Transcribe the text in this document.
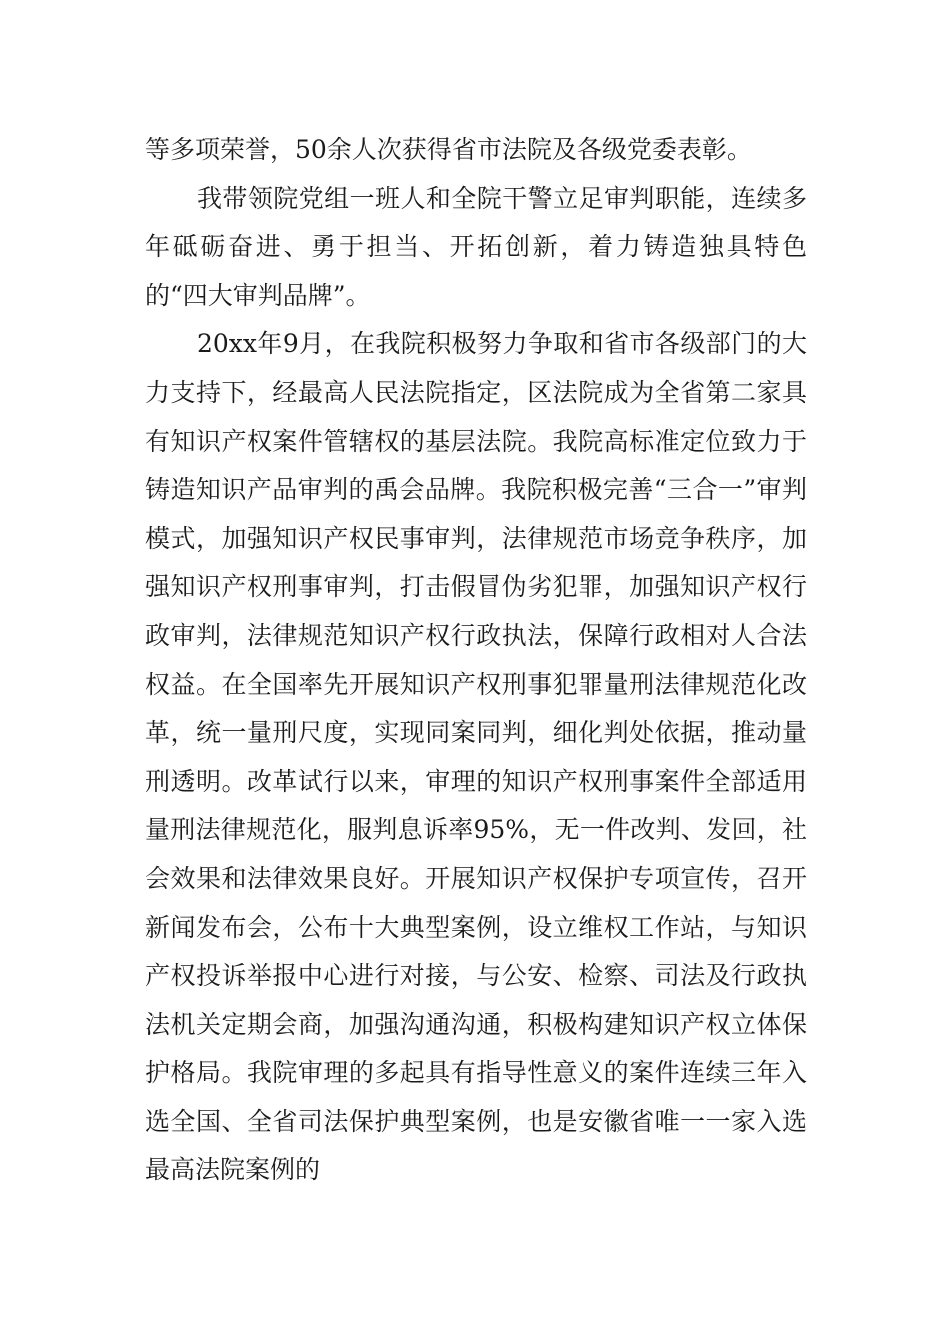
等多项荣誉，50余人次获得省市法院及各级党委表彰。

我带领院党组一班人和全院干警立足审判职能，连续多年砥砺奋进、勇于担当、开拓创新，着力铸造独具特色的“四大审判品牌”。

20xx年9月，在我院积极努力争取和省市各级部门的大力支持下，经最高人民法院指定，区法院成为全省第二家具有知识产权案件管辖权的基层法院。我院高标准定位致力于铸造知识产品审判的禹会品牌。我院积极完善“三合一”审判模式，加强知识产权民事审判，法律规范市场竞争秩序，加强知识产权刑事审判，打击假冒伪劣犯罪，加强知识产权行政审判，法律规范知识产权行政执法，保障行政相对人合法权益。在全国率先开展知识产权刑事犯罪量刑法律规范化改革，统一量刑尺度，实现同案同判，细化判处依据，推动量刑透明。改革试行以来，审理的知识产权刑事案件全部适用量刑法律规范化，服判息诉率95%，无一件改判、发回，社会效果和法律效果良好。开展知识产权保护专项宣传，召开新闻发布会，公布十大典型案例，设立维权工作站，与知识产权投诉举报中心进行对接，与公安、检察、司法及行政执法机关定期会商，加强沟通沟通，积极构建知识产权立体保护格局。我院审理的多起具有指导性意义的案件连续三年入选全国、全省司法保护典型案例，也是安徽省唯一一家入选最高法院案例的
